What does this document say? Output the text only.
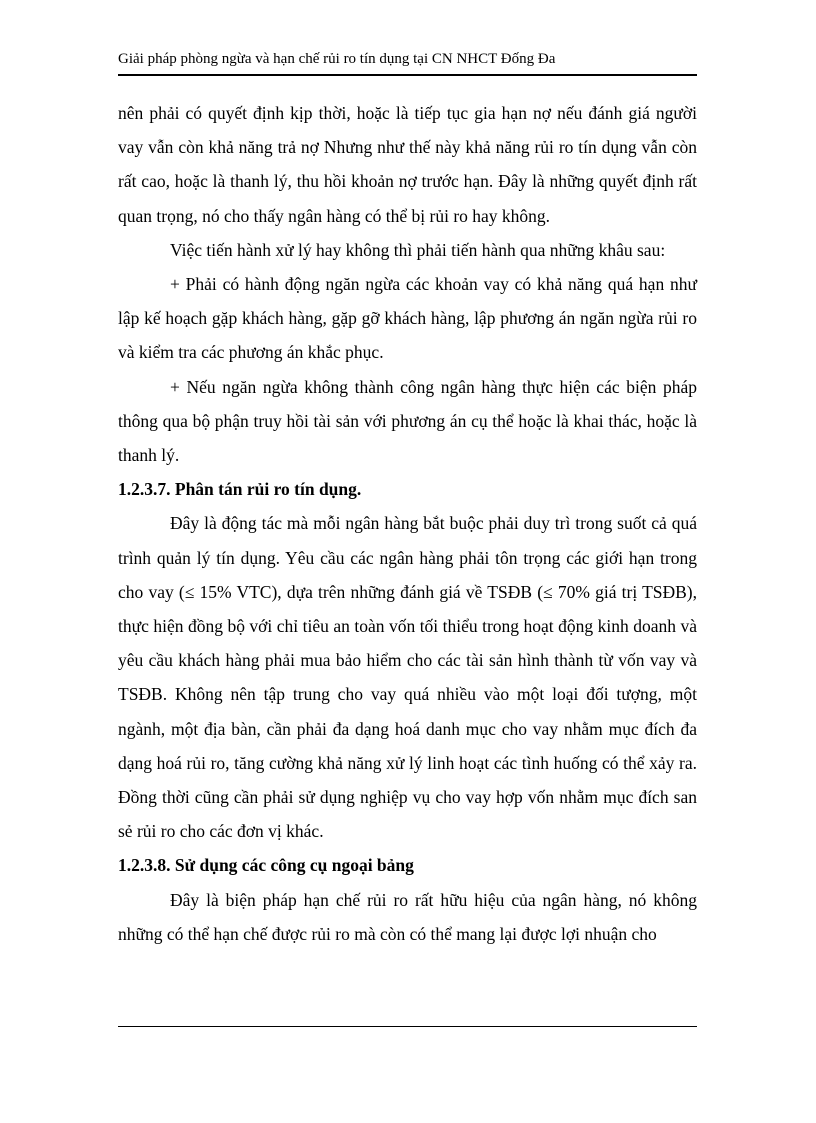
Giải pháp phòng ngừa và hạn chế rủi ro tín dụng tại CN NHCT Đống Đa

nên phải có quyết định kịp thời, hoặc là tiếp tục gia hạn nợ nếu đánh giá người vay vẫn còn khả năng trả nợ Nhưng như thế này khả năng rủi ro tín dụng vẫn còn rất cao, hoặc là thanh lý, thu hồi khoản nợ trước hạn. Đây là những quyết định rất quan trọng, nó cho thấy ngân hàng có thể bị rủi ro hay không.

Việc tiến hành xử lý hay không thì phải tiến hành qua những khâu sau:

+ Phải có hành động ngăn ngừa các khoản vay có khả năng quá hạn như lập kế hoạch gặp khách hàng, gặp gỡ khách hàng, lập phương án ngăn ngừa rủi ro và kiểm tra các phương án khắc phục.

+ Nếu ngăn ngừa không thành công ngân hàng thực hiện các biện pháp thông qua bộ phận truy hồi tài sản với phương án cụ thể hoặc là khai thác, hoặc là thanh lý.

1.2.3.7. Phân tán rủi ro tín dụng.

Đây là động tác mà mỗi ngân hàng bắt buộc phải duy trì trong suốt cả quá trình quản lý tín dụng. Yêu cầu các ngân hàng phải tôn trọng các giới hạn trong cho vay (≤ 15% VTC), dựa trên những đánh giá về TSĐB (≤ 70% giá trị TSĐB), thực hiện đồng bộ với chỉ tiêu an toàn vốn tối thiểu trong hoạt động kinh doanh và yêu cầu khách hàng phải mua bảo hiểm cho các tài sản hình thành từ vốn vay và TSĐB. Không nên tập trung cho vay quá nhiều vào một loại đối tượng, một ngành, một địa bàn, cần phải đa dạng hoá danh mục cho vay nhằm mục đích đa dạng hoá rủi ro, tăng cường khả năng xử lý linh hoạt các tình huống có thể xảy ra. Đồng thời cũng cần phải sử dụng nghiệp vụ cho vay hợp vốn nhằm mục đích san sẻ rủi ro cho các đơn vị khác.

1.2.3.8. Sử dụng các công cụ ngoại bảng

Đây là biện pháp hạn chế rủi ro rất hữu hiệu của ngân hàng, nó không những có thể hạn chế được rủi ro mà còn có thể mang lại được lợi nhuận cho
